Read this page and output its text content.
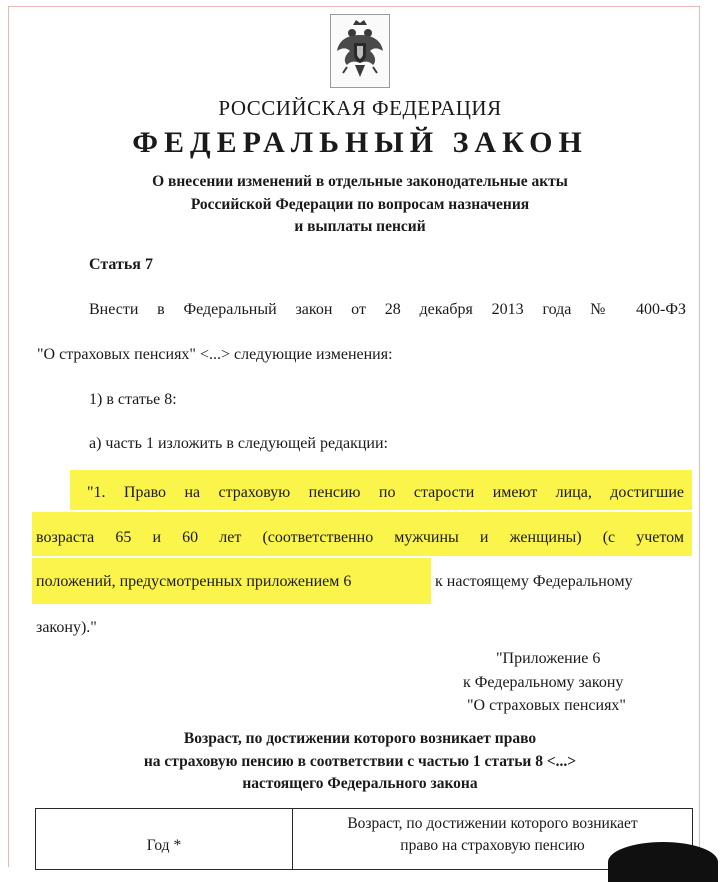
РОССИЙСКАЯ ФЕДЕРАЦИЯ

ФЕДЕРАЛЬНЫЙ ЗАКОН

О внесении изменений в отдельные законодательные акты

Российской Федерации по вопросам назначения

и выплаты пенсий

Статья 7

Внести в Федеральный закон от 28 декабря 2013 года № 400-ФЗ

"О страховых пенсиях" <...> следующие изменения:

1) в статье 8:

а) часть 1 изложить в следующей редакции:

"1. Право на страховую пенсию по старости имеют лица, достигшие

возраста 65 и 60 лет (соответственно мужчины и женщины) (с учетом

положений, предусмотренных приложением 6	к настоящему Федеральному

закону)."

"Приложение 6

к Федеральному закону

"О страховых пенсиях"

Возраст, по достижении которого возникает право

на страховую пенсию в соответствии с частью 1 статьи 8 <...>

настоящего Федерального закона

Год *
Возраст, по достижении которого возникает
право на страховую пенсию
